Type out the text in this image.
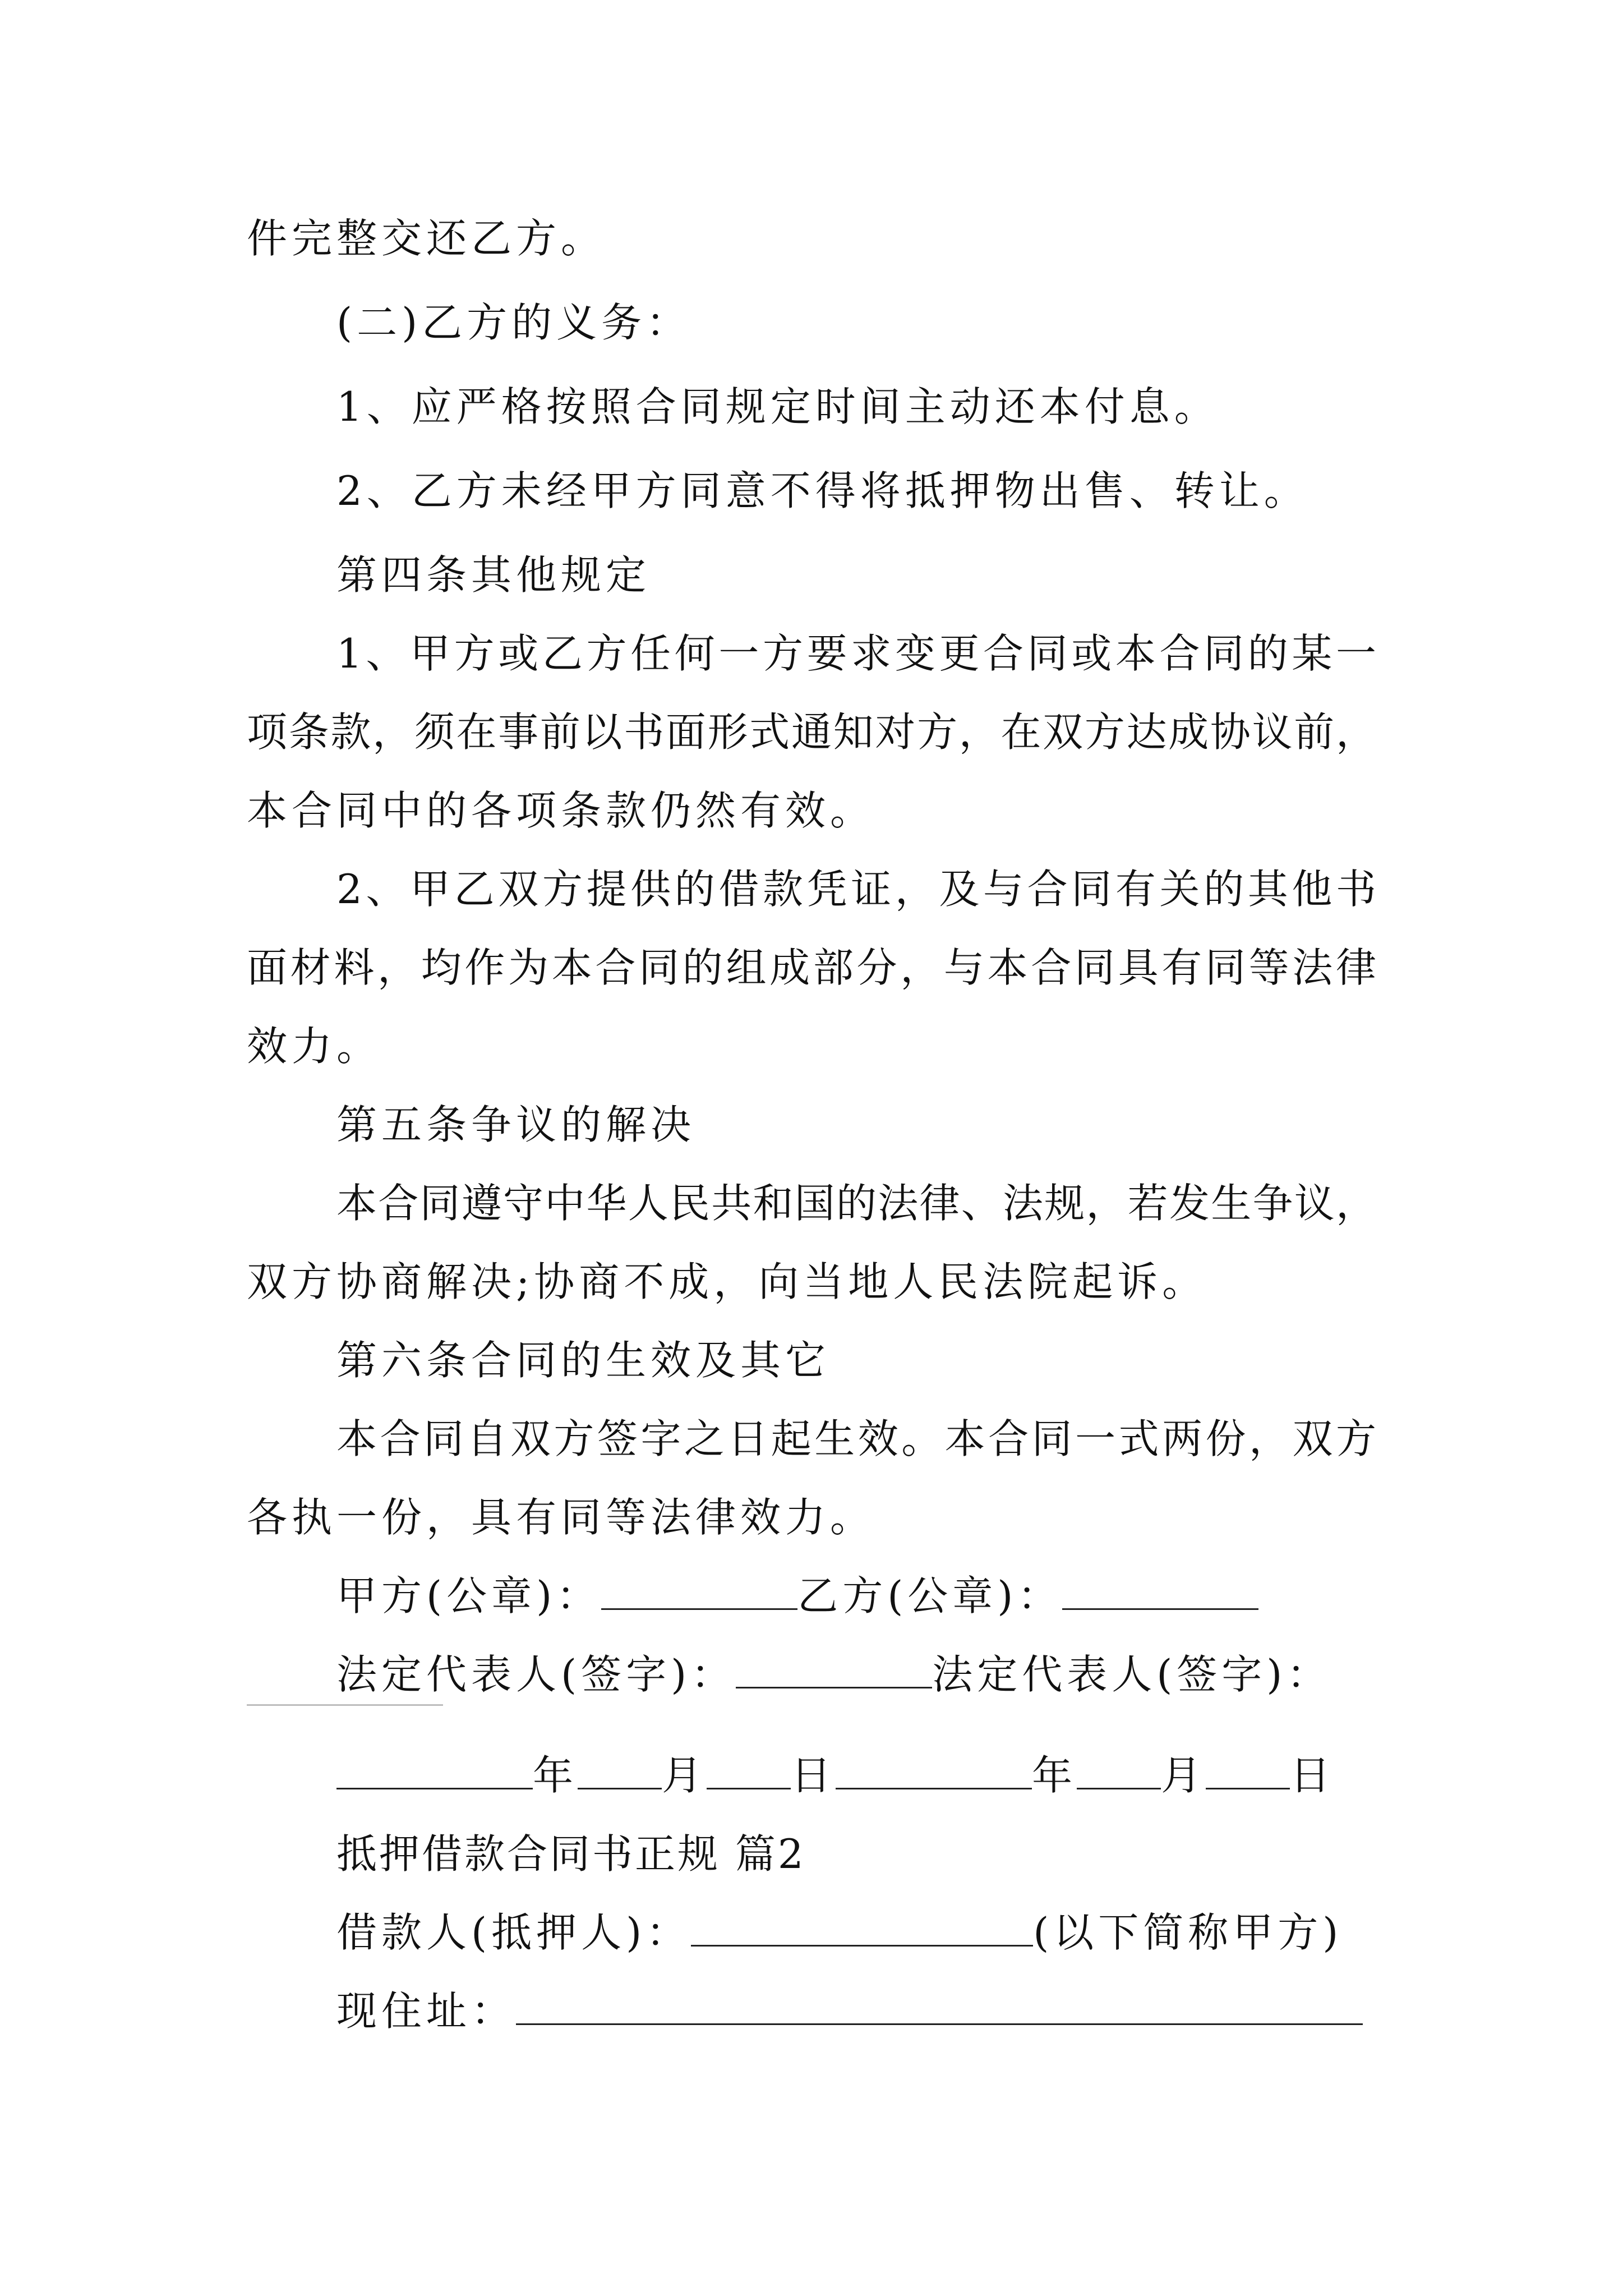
件完整交还乙方。
(二)乙方的义务：
1、应严格按照合同规定时间主动还本付息。
2、乙方未经甲方同意不得将抵押物出售、转让。
第四条其他规定
1、甲方或乙方任何一方要求变更合同或本合同的某一
项条款，须在事前以书面形式通知对方，在双方达成协议前，
本合同中的各项条款仍然有效。
2、甲乙双方提供的借款凭证，及与合同有关的其他书
面材料，均作为本合同的组成部分，与本合同具有同等法律
效力。
第五条争议的解决
本合同遵守中华人民共和国的法律、法规，若发生争议，
双方协商解决;协商不成，向当地人民法院起诉。
第六条合同的生效及其它
本合同自双方签字之日起生效。本合同一式两份，双方
各执一份，具有同等法律效力。
甲方(公章)：	乙方(公章)：
法定代表人(签字)：	法定代表人(签字)：
年 月 日	年 月 日
抵押借款合同书正规 篇2
借款人(抵押人)：	(以下简称甲方)
现住址：
